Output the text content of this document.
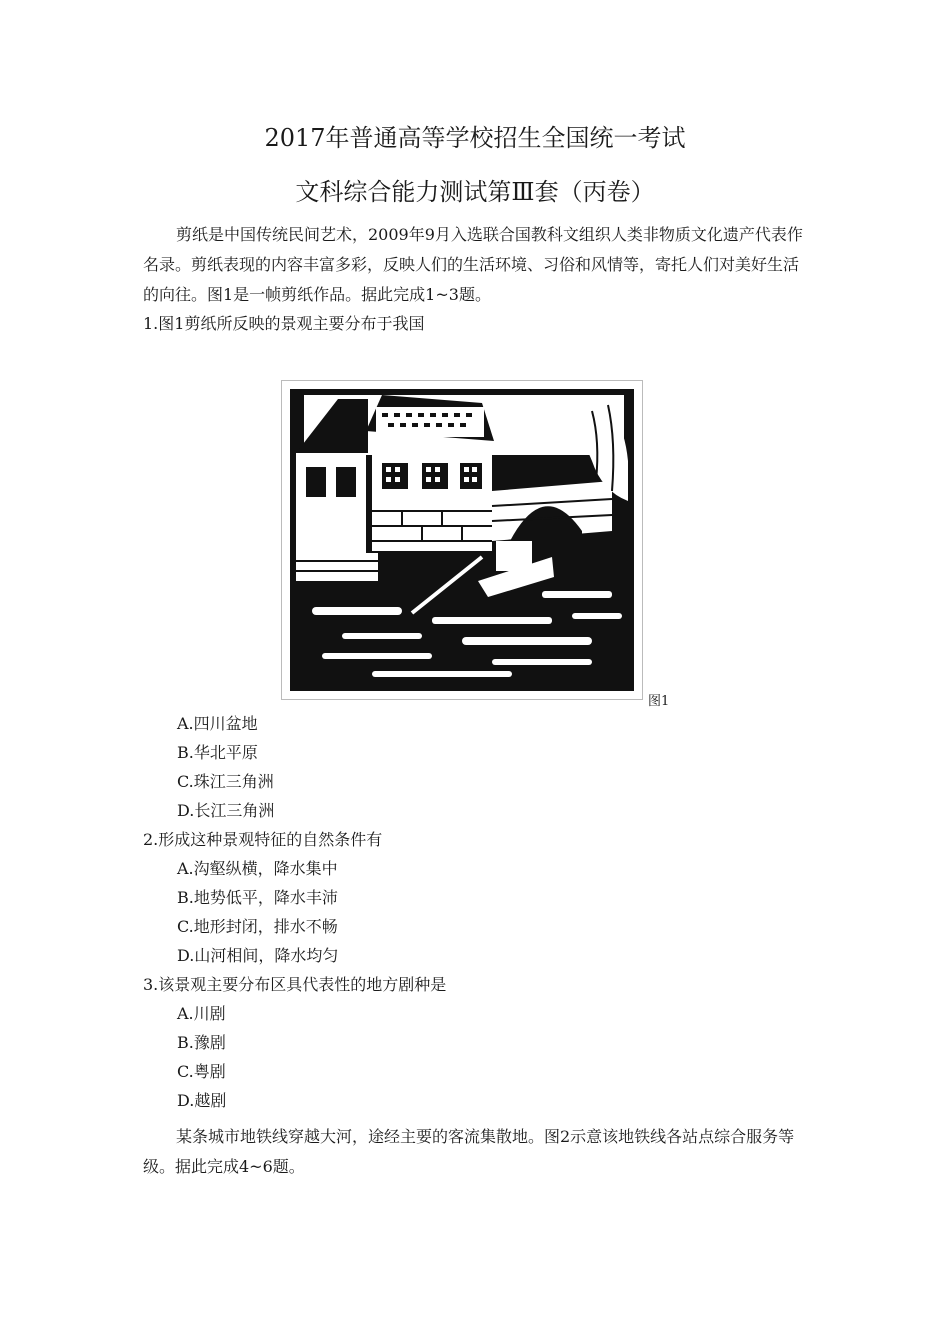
2017年普通高等学校招生全国统一考试
文科综合能力测试第Ⅲ套（丙卷）
剪纸是中国传统民间艺术，2009年9月入选联合国教科文组织人类非物质文化遗产代表作名录。剪纸表现的内容丰富多彩，反映人们的生活环境、习俗和风情等，寄托人们对美好生活的向往。图1是一帧剪纸作品。据此完成1~3题。
1.图1剪纸所反映的景观主要分布于我国
图1
A.四川盆地
B.华北平原
C.珠江三角洲
D.长江三角洲
2.形成这种景观特征的自然条件有
A.沟壑纵横，降水集中
B.地势低平，降水丰沛
C.地形封闭，排水不畅
D.山河相间，降水均匀
3.该景观主要分布区具代表性的地方剧种是
A.川剧
B.豫剧
C.粤剧
D.越剧
某条城市地铁线穿越大河，途经主要的客流集散地。图2示意该地铁线各站点综合服务等级。据此完成4~6题。
